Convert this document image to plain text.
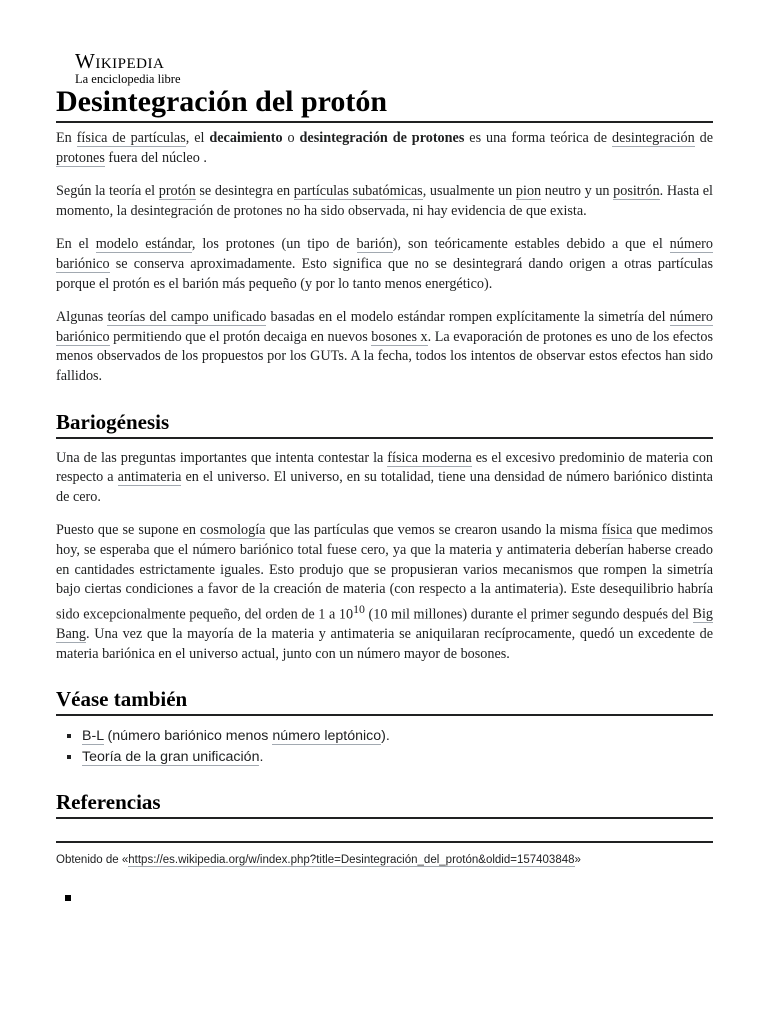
Wikipedia
La enciclopedia libre
Desintegración del protón

En física de partículas, el decaimiento o desintegración de protones es una forma teórica de desintegración de protones fuera del núcleo .

Según la teoría el protón se desintegra en partículas subatómicas, usualmente un pion neutro y un positrón. Hasta el momento, la desintegración de protones no ha sido observada, ni hay evidencia de que exista.

En el modelo estándar, los protones (un tipo de barión), son teóricamente estables debido a que el número bariónico se conserva aproximadamente. Esto significa que no se desintegrará dando origen a otras partículas porque el protón es el barión más pequeño (y por lo tanto menos energético).

Algunas teorías del campo unificado basadas en el modelo estándar rompen explícitamente la simetría del número bariónico permitiendo que el protón decaiga en nuevos bosones x. La evaporación de protones es uno de los efectos menos observados de los propuestos por los GUTs. A la fecha, todos los intentos de observar estos efectos han sido fallidos.

Bariogénesis

Una de las preguntas importantes que intenta contestar la física moderna es el excesivo predominio de materia con respecto a antimateria en el universo. El universo, en su totalidad, tiene una densidad de número bariónico distinta de cero.

Puesto que se supone en cosmología que las partículas que vemos se crearon usando la misma física que medimos hoy, se esperaba que el número bariónico total fuese cero, ya que la materia y antimateria deberían haberse creado en cantidades estrictamente iguales. Esto produjo que se propusieran varios mecanismos que rompen la simetría bajo ciertas condiciones a favor de la creación de materia (con respecto a la antimateria). Este desequilibrio habría sido excepcionalmente pequeño, del orden de 1 a $10^{10}$ (10 mil millones) durante el primer segundo después del Big Bang. Una vez que la mayoría de la materia y antimateria se aniquilaran recíprocamente, quedó un excedente de materia bariónica en el universo actual, junto con un número mayor de bosones.

Véase también
▪ B-L (número bariónico menos número leptónico).
▪ Teoría de la gran unificación.
Referencias
Obtenido de «https://es.wikipedia.org/w/index.php?title=Desintegración_del_protón&oldid=157403848»
